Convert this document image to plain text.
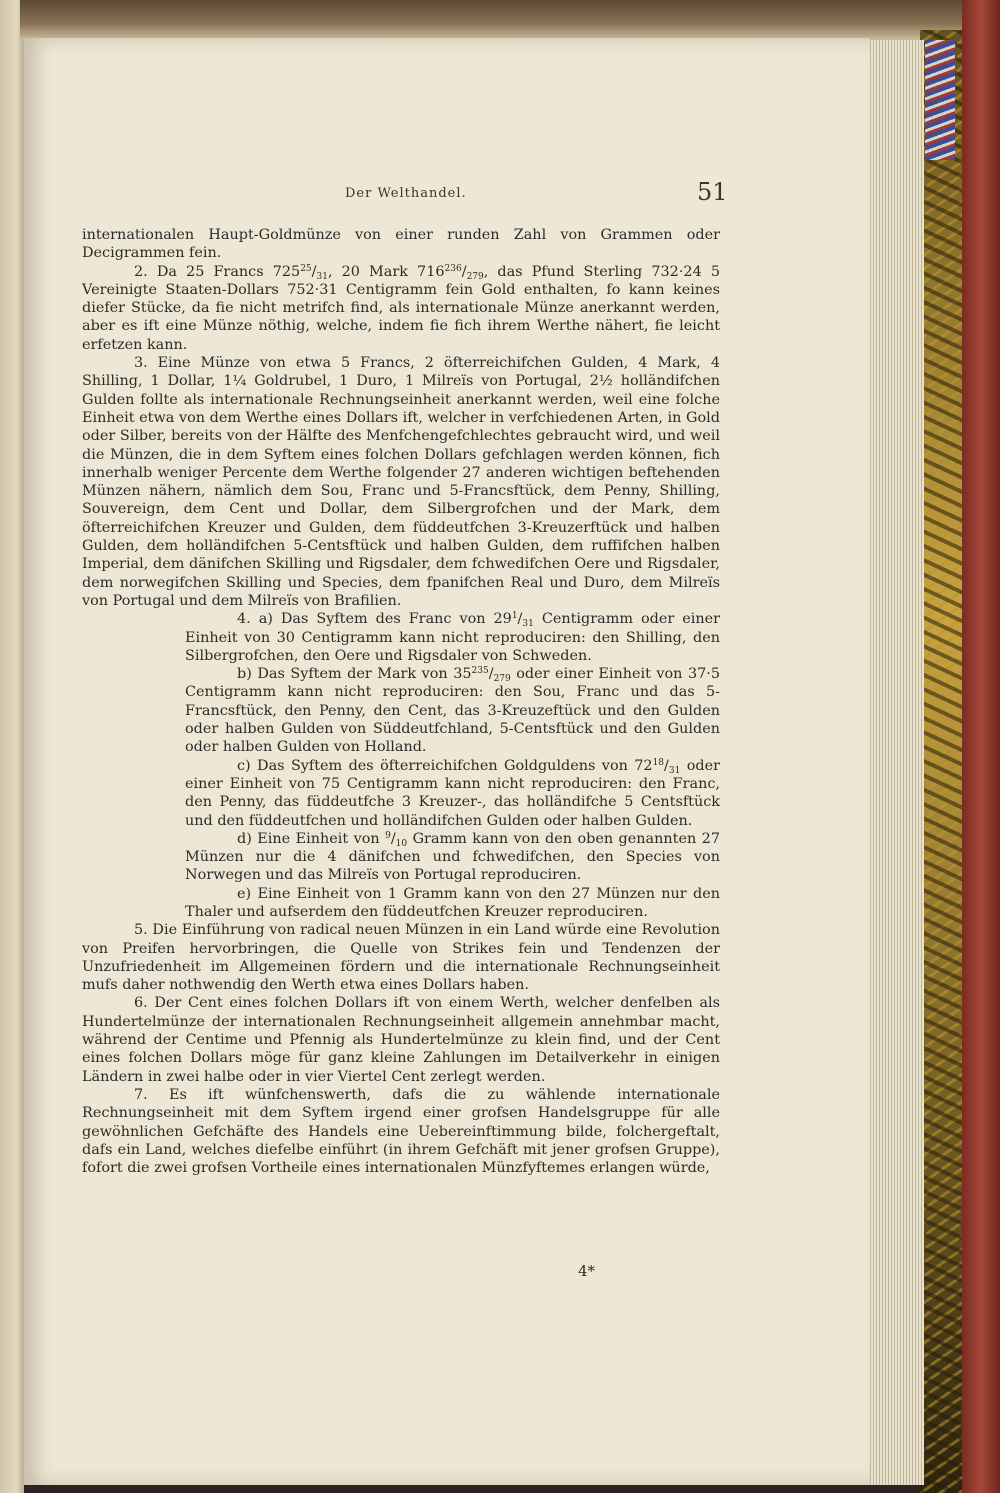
Der Welthandel.	51

internationalen Haupt-Goldmünze von einer runden Zahl von Grammen oder Decigrammen fein.

2. Da 25 Francs $725^{25}/_{31}$, 20 Mark $716^{236}/_{279}$, das Pfund Sterling 732·24 5 Vereinigte Staaten-Dollars 752·31 Centigramm fein Gold enthalten, fo kann keines diefer Stücke, da fie nicht metrifch find, als internationale Münze anerkannt werden, aber es ift eine Münze nöthig, welche, indem fie fich ihrem Werthe nähert, fie leicht erfetzen kann.

3. Eine Münze von etwa 5 Francs, 2 öfterreichifchen Gulden, 4 Mark, 4 Shilling, 1 Dollar, 1¼ Goldrubel, 1 Duro, 1 Milreïs von Portugal, 2½ holländifchen Gulden follte als internationale Rechnungseinheit anerkannt werden, weil eine folche Einheit etwa von dem Werthe eines Dollars ift, welcher in verfchiedenen Arten, in Gold oder Silber, bereits von der Hälfte des Menfchengefchlechtes gebraucht wird, und weil die Münzen, die in dem Syftem eines folchen Dollars gefchlagen werden können, fich innerhalb weniger Percente dem Werthe folgender 27 anderen wichtigen beftehenden Münzen nähern, nämlich dem Sou, Franc und 5-Francsftück, dem Penny, Shilling, Souvereign, dem Cent und Dollar, dem Silbergrofchen und der Mark, dem öfterreichifchen Kreuzer und Gulden, dem füddeutfchen 3-Kreuzerftück und halben Gulden, dem holländifchen 5-Centsftück und halben Gulden, dem ruffifchen halben Imperial, dem dänifchen Skilling und Rigsdaler, dem fchwedifchen Oere und Rigsdaler, dem norwegifchen Skilling und Species, dem fpanifchen Real und Duro, dem Milreïs von Portugal und dem Milreïs von Brafilien.

4. a) Das Syftem des Franc von $29^1/_{31}$ Centigramm oder einer Einheit von 30 Centigramm kann nicht reproduciren: den Shilling, den Silbergrofchen, den Oere und Rigsdaler von Schweden.

b) Das Syftem der Mark von $35^{235}/_{279}$ oder einer Einheit von 37·5 Centigramm kann nicht reproduciren: den Sou, Franc und das 5-Francsftück, den Penny, den Cent, das 3-Kreuzeftück und den Gulden oder halben Gulden von Süddeutfchland, 5-Centsftück und den Gulden oder halben Gulden von Holland.

c) Das Syftem des öfterreichifchen Goldguldens von $72^{18}/_{31}$ oder einer Einheit von 75 Centigramm kann nicht reproduciren: den Franc, den Penny, das füddeutfche 3 Kreuzer-, das holländifche 5 Centsftück und den füddeutfchen und holländifchen Gulden oder halben Gulden.

d) Eine Einheit von $^9/_{10}$ Gramm kann von den oben genannten 27 Münzen nur die 4 dänifchen und fchwedifchen, den Species von Norwegen und das Milreïs von Portugal reproduciren.

e) Eine Einheit von 1 Gramm kann von den 27 Münzen nur den Thaler und aufserdem den füddeutfchen Kreuzer reproduciren.

5. Die Einführung von radical neuen Münzen in ein Land würde eine Revolution von Preifen hervorbringen, die Quelle von Strikes fein und Tendenzen der Unzufriedenheit im Allgemeinen fördern und die internationale Rechnungseinheit mufs daher nothwendig den Werth etwa eines Dollars haben.

6. Der Cent eines folchen Dollars ift von einem Werth, welcher denfelben als Hundertelmünze der internationalen Rechnungseinheit allgemein annehmbar macht, während der Centime und Pfennig als Hundertelmünze zu klein find, und der Cent eines folchen Dollars möge für ganz kleine Zahlungen im Detailverkehr in einigen Ländern in zwei halbe oder in vier Viertel Cent zerlegt werden.

7. Es ift wünfchenswerth, dafs die zu wählende internationale Rechnungseinheit mit dem Syftem irgend einer grofsen Handelsgruppe für alle gewöhnlichen Gefchäfte des Handels eine Uebereinftimmung bilde, folchergeftalt, dafs ein Land, welches diefelbe einführt (in ihrem Gefchäft mit jener grofsen Gruppe), fofort die zwei grofsen Vortheile eines internationalen Münzfyftemes erlangen würde,

4*
